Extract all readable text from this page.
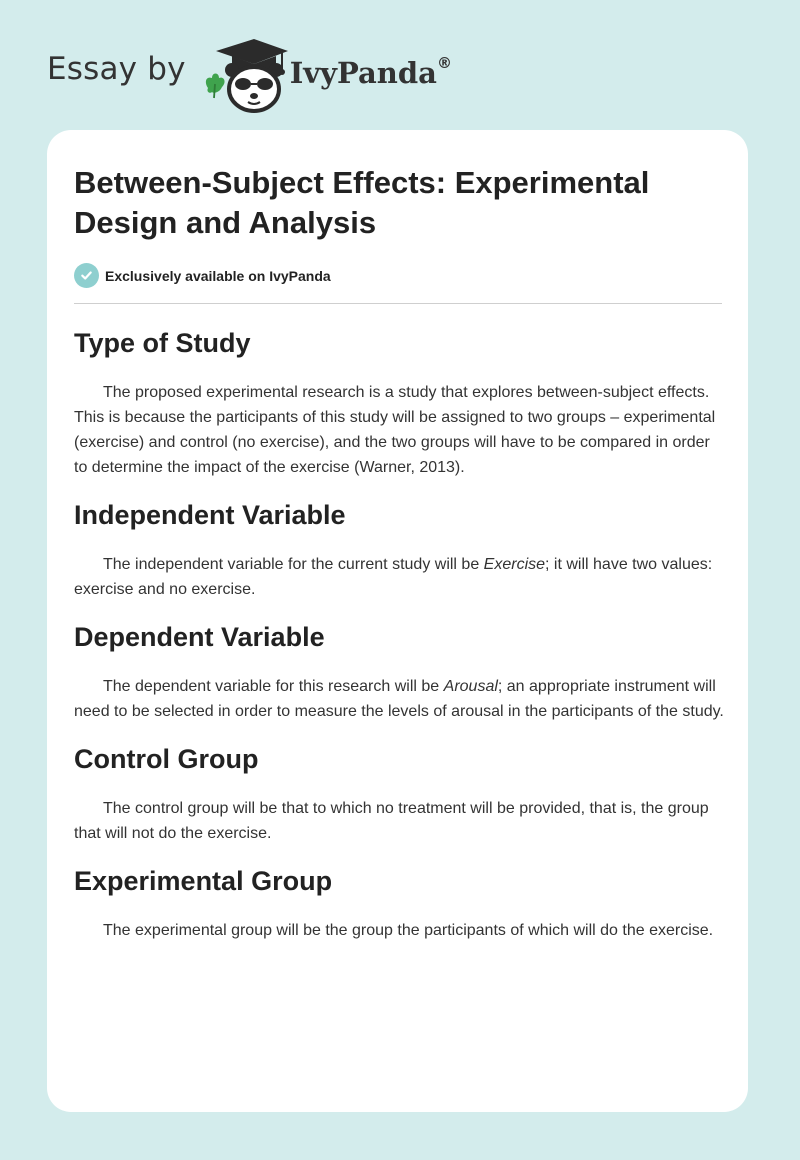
Essay by	IvyPanda®
Between-Subject Effects: Experimental Design and Analysis
Exclusively available on IvyPanda
Type of Study

The proposed experimental research is a study that explores between-subject effects. This is because the participants of this study will be assigned to two groups – experimental (exercise) and control (no exercise), and the two groups will have to be compared in order to determine the impact of the exercise (Warner, 2013).

Independent Variable

The independent variable for the current study will be Exercise; it will have two values: exercise and no exercise.

Dependent Variable

The dependent variable for this research will be Arousal; an appropriate instrument will need to be selected in order to measure the levels of arousal in the participants of the study.

Control Group

The control group will be that to which no treatment will be provided, that is, the group that will not do the exercise.

Experimental Group

The experimental group will be the group the participants of which will do the exercise.
